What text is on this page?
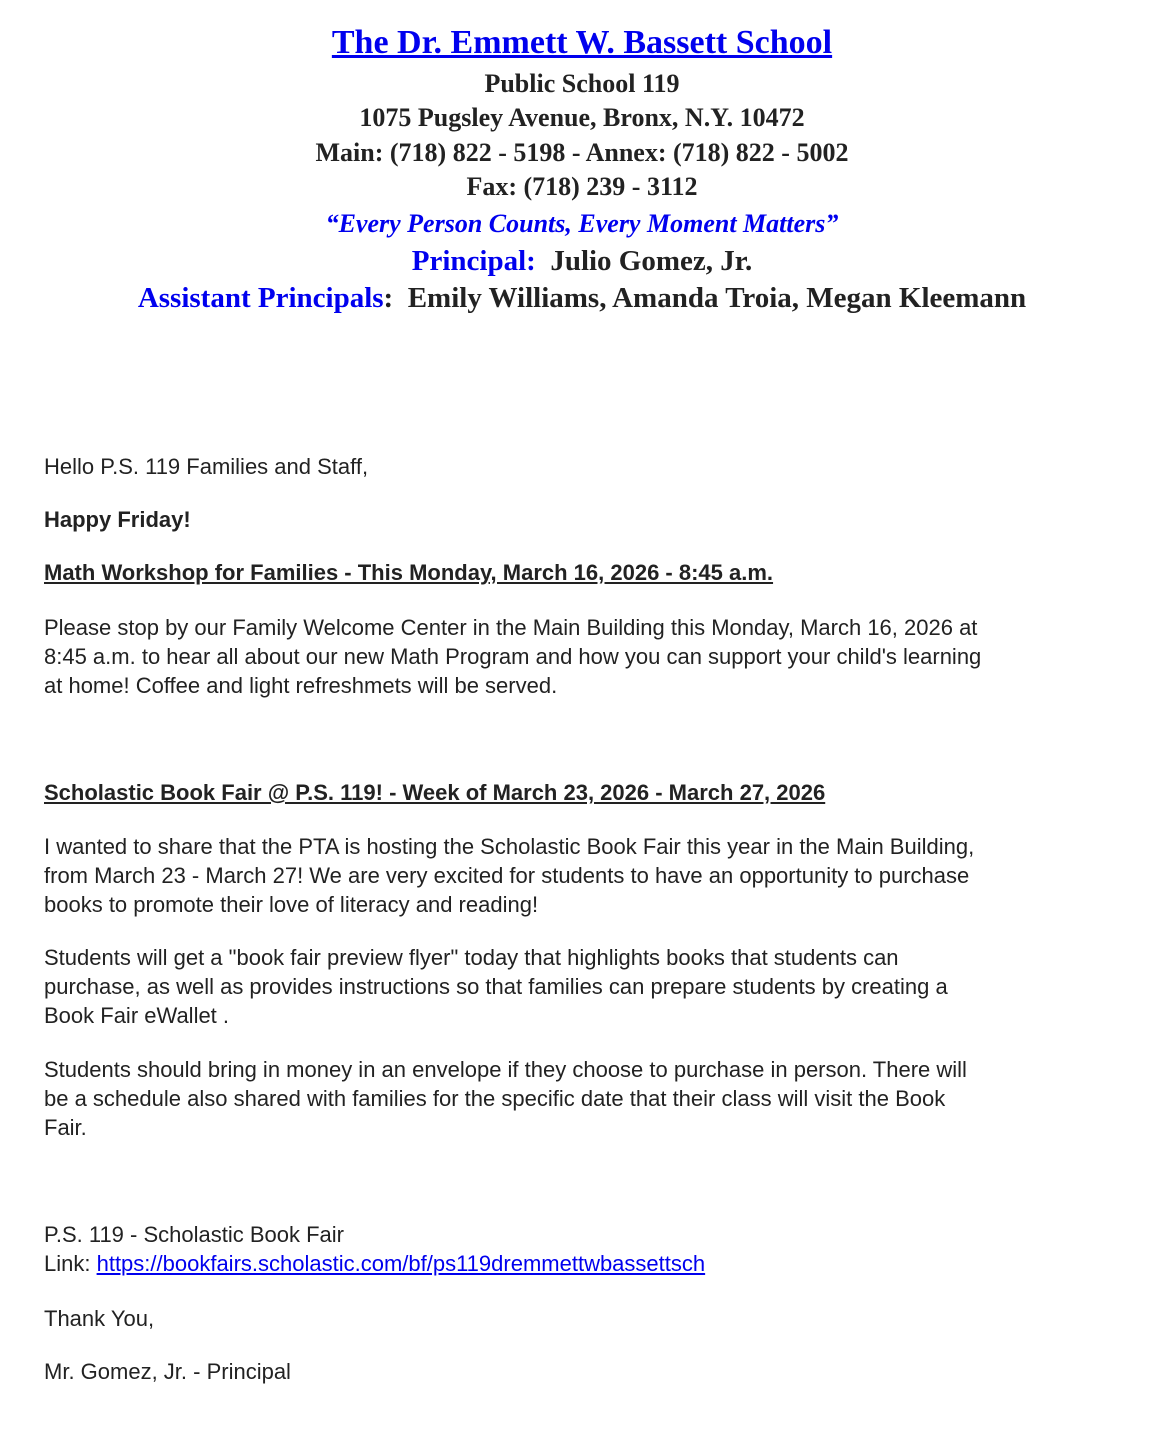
The Dr. Emmett W. Bassett School
Public School 119
1075 Pugsley Avenue, Bronx, N.Y. 10472
Main: (718) 822 - 5198 - Annex: (718) 822 - 5002
Fax: (718) 239 - 3112
“Every Person Counts, Every Moment Matters”
Principal: Julio Gomez, Jr.
Assistant Principals: Emily Williams, Amanda Troia, Megan Kleemann
Hello P.S. 119 Families and Staff,
Happy Friday!
Math Workshop for Families - This Monday, March 16, 2026 - 8:45 a.m.
Please stop by our Family Welcome Center in the Main Building this Monday, March 16, 2026 at
8:45 a.m. to hear all about our new Math Program and how you can support your child's learning
at home! Coffee and light refreshmets will be served.
Scholastic Book Fair @ P.S. 119! - Week of March 23, 2026 - March 27, 2026
I wanted to share that the PTA is hosting the Scholastic Book Fair this year in the Main Building,
from March 23 - March 27! We are very excited for students to have an opportunity to purchase
books to promote their love of literacy and reading!
Students will get a "book fair preview flyer" today that highlights books that students can
purchase, as well as provides instructions so that families can prepare students by creating a
Book Fair eWallet .
Students should bring in money in an envelope if they choose to purchase in person. There will
be a schedule also shared with families for the specific date that their class will visit the Book
Fair.
P.S. 119 - Scholastic Book Fair
Link: https://bookfairs.scholastic.com/bf/ps119dremmettwbassettsch
Thank You,
Mr. Gomez, Jr. - Principal
